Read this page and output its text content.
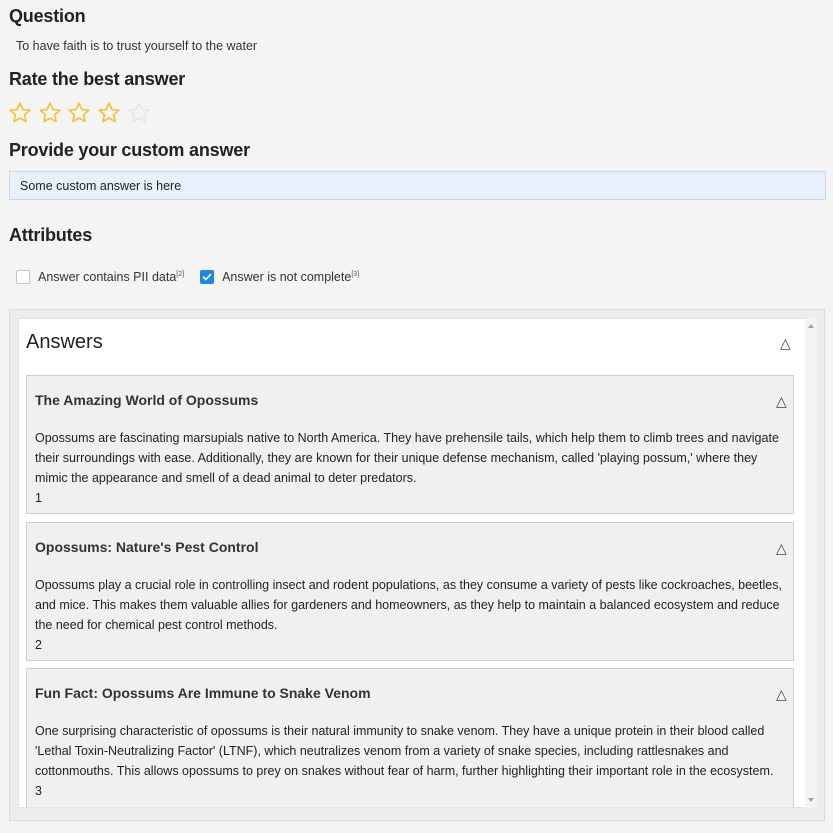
Question
To have faith is to trust yourself to the water
Rate the best answer
Provide your custom answer
Some custom answer is here
Attributes
Answer contains PII data[2]	Answer is not complete[3]
Answers	△
The Amazing World of Opossums	△
Opossums are fascinating marsupials native to North America. They have prehensile tails, which help them to climb trees and navigate their surroundings with ease. Additionally, they are known for their unique defense mechanism, called 'playing possum,' where they mimic the appearance and smell of a dead animal to deter predators.
1
Opossums: Nature's Pest Control	△
Opossums play a crucial role in controlling insect and rodent populations, as they consume a variety of pests like cockroaches, beetles, and mice. This makes them valuable allies for gardeners and homeowners, as they help to maintain a balanced ecosystem and reduce the need for chemical pest control methods.
2
Fun Fact: Opossums Are Immune to Snake Venom	△
One surprising characteristic of opossums is their natural immunity to snake venom. They have a unique protein in their blood called 'Lethal Toxin-Neutralizing Factor' (LTNF), which neutralizes venom from a variety of snake species, including rattlesnakes and cottonmouths. This allows opossums to prey on snakes without fear of harm, further highlighting their important role in the ecosystem.
3
